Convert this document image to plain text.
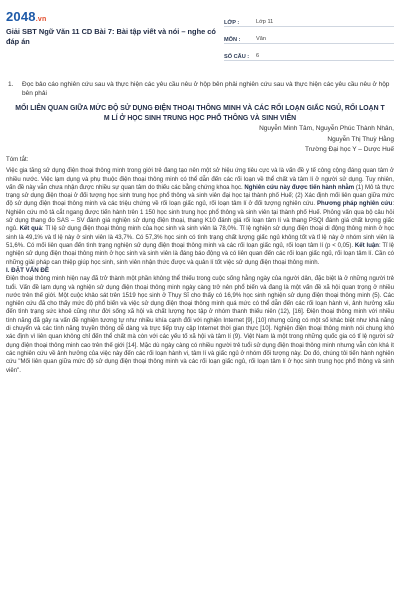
2048.vn
Giải SBT Ngữ Văn 11 CD Bài 7: Bài tập viết và nói – nghe có đáp án
LỚP :	Lớp 11
MÔN :	Văn
SỐ CÂU :	6
1.	Đọc bảo cáo nghiên cứu sau và thực hiện các yêu cầu nêu ở hộp bên phải nghiên cứu sau và thực hiện các yêu cầu nêu ở hộp bên phải
MỐI LIÊN QUAN GIỮA MỨC ĐỘ SỬ DỤNG ĐIỆN THOẠI THÔNG MINH VÀ CÁC RỐI LOẠN GIẤC NGỦ, RỐI LOẠN T M LÍ Ở HỌC SINH TRUNG HỌC PHỔ THÔNG VÀ SINH VIÊN
Nguyễn Minh Tâm, Nguyễn Phúc Thành Nhân,
Nguyễn Thị Thuỳ Hằng
Trường Đại học Y – Dược Huế
Tóm tắt:
Việc gia tăng sử dụng điện thoại thông minh trong giới trẻ đang tạo nên một sở hiệu ứng tiêu cực và là vấn đề y tế công cộng đáng quan tâm ở nhiều nước. Việc lạm dụng và phụ thuộc điện thoại thông minh có thể dẫn đến các rối loạn về thể chất và tâm lí ở người sử dụng. Tuy nhiên, vấn đề này vẫn chưa nhận được nhiều sự quan tâm do thiếu các bằng chứng khoa học. Nghiên cứu này được tiến hành nhằm (1) Mô tả thực trạng sử dụng điện thoại ở đối tượng học sinh trung học phổ thông và sinh viên đại học tại thành phố Huế; (2) Xác định mối liên quan giữa mức độ sử dụng điện thoại thông minh và các triệu chứng về rối loạn giấc ngủ, rối loạn tâm lí ở đối tượng nghiên cứu. Phương pháp nghiên cứu: Nghiên cứu mô tả cắt ngang được tiến hành trên 1 150 học sinh trung học phổ thông và sinh viên tại thành phố Huế. Phỏng vấn qua bộ câu hỏi sử dụng thang đo SAS – SV đánh giá nghiện sử dụng điện thoại, thang K10 đánh giá rối loạn tâm lí và thang PSQI đánh giá chất lượng giấc ngủ. Kết quả: Tỉ lệ sử dụng điện thoại thông minh của học sinh và sinh viên là 78,0%. Tỉ lệ nghiện sử dụng điện thoại di động thông minh ở học sinh là 49,1% và tỉ lệ này ở sinh viên là 43,7%. Có 57,3% học sinh có tình trạng chất lượng giấc ngủ không tốt và tỉ lệ này ở nhóm sinh viên là 51,6%. Có mối liên quan đến tình trạng nghiện sử dụng điện thoại thông minh và các rối loạn giấc ngủ, rối loạn tâm lí (p < 0,05). Kết luận: Tỉ lệ nghiện sử dụng điện thoại thông minh ở học sinh và sinh viên là đáng báo động và có liên quan đến các rối loạn giấc ngủ, rối loạn tâm lí. Cần có những giải pháp can thiệp giúp học sinh, sinh viên nhận thức được và quản lí tốt việc sử dụng điện thoại thông minh.
I. ĐẶT VẤN ĐỀ
Điện thoại thông minh hiện nay đã trở thành một phần không thể thiếu trong cuộc sống hằng ngày của người dân, đặc biệt là ở những người trẻ tuổi. Vấn đề lạm dụng và nghiện sử dụng điện thoại thông minh ngày càng trở nên phổ biến và đang là một vấn đề xã hội quan trọng ở nhiều nước trên thế giới. Một cuộc khảo sát trên 1519 học sinh ở Thụy Sĩ cho thấy có 16,9% học sinh nghiện sử dụng điện thoại thông minh (5). Các nghiên cứu đã cho thấy mức độ phổ biến và việc sử dụng điện thoại thông minh quá mức có thể dẫn đến các rối loạn hành vi, ảnh hưởng xấu đến tình trạng sức khoẻ cũng như đời sống xã hội và chất lượng học tập ở nhóm thanh thiếu niên (12), [16]. Điện thoại thông minh với nhiều tính năng đã gây ra vấn đề nghiện tương tự như nhiều khía cạnh đối với nghiện Internet [9], [10] nhưng cũng có một số khác biệt như khả năng di chuyển và các tính năng truyền thông dễ dàng và trực tiếp truy cập Internet thời gian thực [10]. Nghiện điện thoại thông minh nói chung khó xác định vì liên quan không chỉ đến thể chất mà còn với các yếu tố xã hội và tâm lí (9). Việt Nam là một trong những quốc gia có tỉ lệ người sử dụng điện thoại thông minh cao trên thế giới [14]. Mặc dù ngày càng có nhiều người trẻ tuổi sử dụng điện thoại thông minh nhưng vẫn còn khá ít các nghiên cứu về ảnh hưởng của việc này đến các rối loạn hành vi, tâm lí và giấc ngủ ở nhóm đối tượng này. Do đó, chúng tôi tiến hành nghiên cứu "Mối liên quan giữa mức độ sử dụng điện thoại thông minh và các rối loạn giấc ngủ, rối loạn tâm lí ở học sinh trung học phổ thông và sinh viên".
